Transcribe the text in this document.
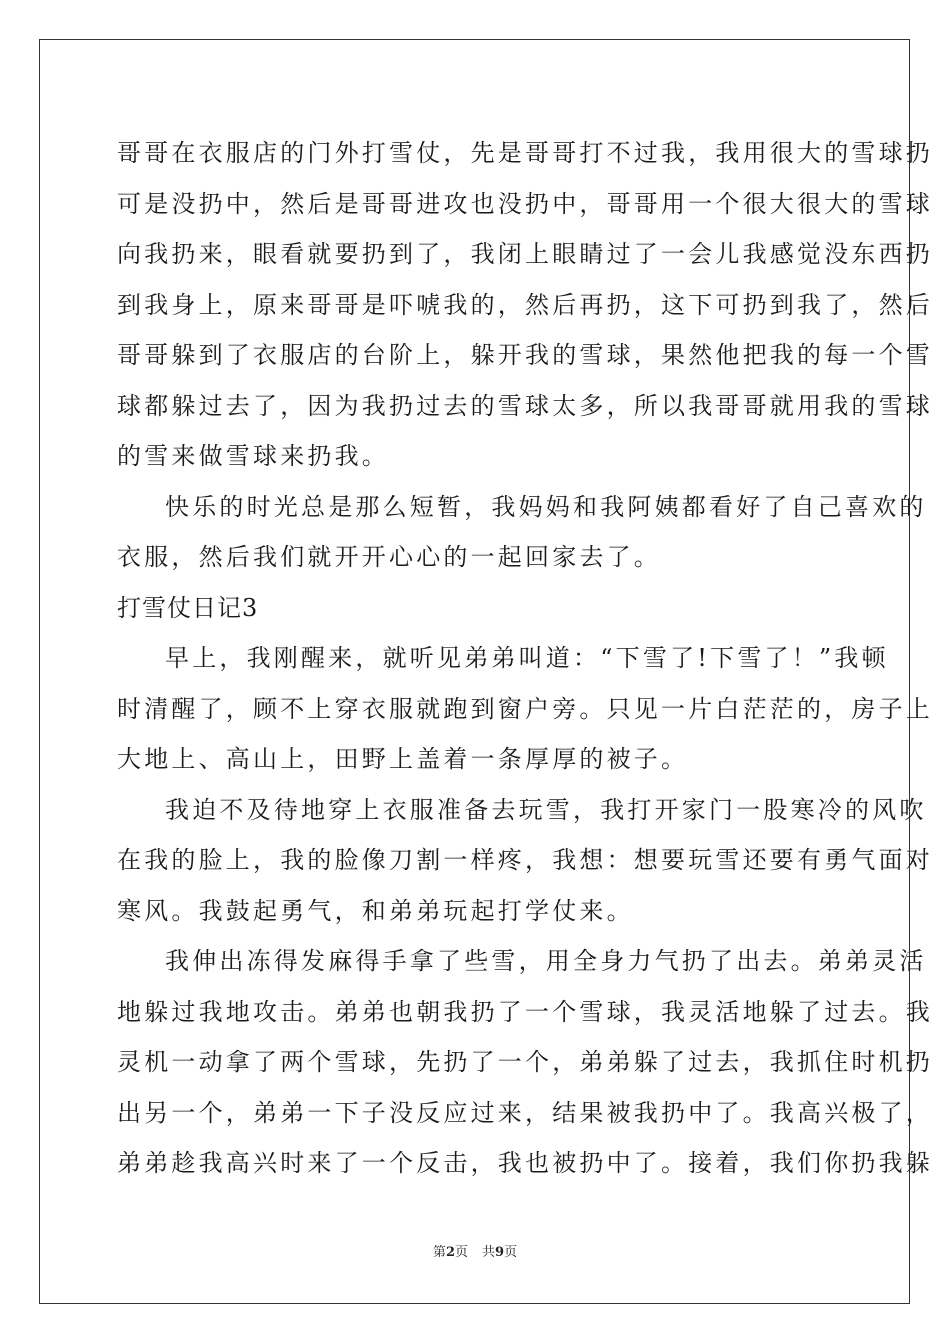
哥哥在衣服店的门外打雪仗，先是哥哥打不过我，我用很大的雪球扔
可是没扔中，然后是哥哥进攻也没扔中，哥哥用一个很大很大的雪球
向我扔来，眼看就要扔到了，我闭上眼睛过了一会儿我感觉没东西扔
到我身上，原来哥哥是吓唬我的，然后再扔，这下可扔到我了，然后
哥哥躲到了衣服店的台阶上，躲开我的雪球，果然他把我的每一个雪
球都躲过去了，因为我扔过去的雪球太多，所以我哥哥就用我的雪球
的雪来做雪球来扔我。
快乐的时光总是那么短暂，我妈妈和我阿姨都看好了自己喜欢的
衣服，然后我们就开开心心的一起回家去了。
打雪仗日记3
早上，我刚醒来，就听见弟弟叫道：“下雪了!下雪了！”我顿
时清醒了，顾不上穿衣服就跑到窗户旁。只见一片白茫茫的，房子上
大地上、高山上，田野上盖着一条厚厚的被子。
我迫不及待地穿上衣服准备去玩雪，我打开家门一股寒冷的风吹
在我的脸上，我的脸像刀割一样疼，我想：想要玩雪还要有勇气面对
寒风。我鼓起勇气，和弟弟玩起打学仗来。
我伸出冻得发麻得手拿了些雪，用全身力气扔了出去。弟弟灵活
地躲过我地攻击。弟弟也朝我扔了一个雪球，我灵活地躲了过去。我
灵机一动拿了两个雪球，先扔了一个，弟弟躲了过去，我抓住时机扔
出另一个，弟弟一下子没反应过来，结果被我扔中了。我高兴极了，
弟弟趁我高兴时来了一个反击，我也被扔中了。接着，我们你扔我躲
第2页 共9页
